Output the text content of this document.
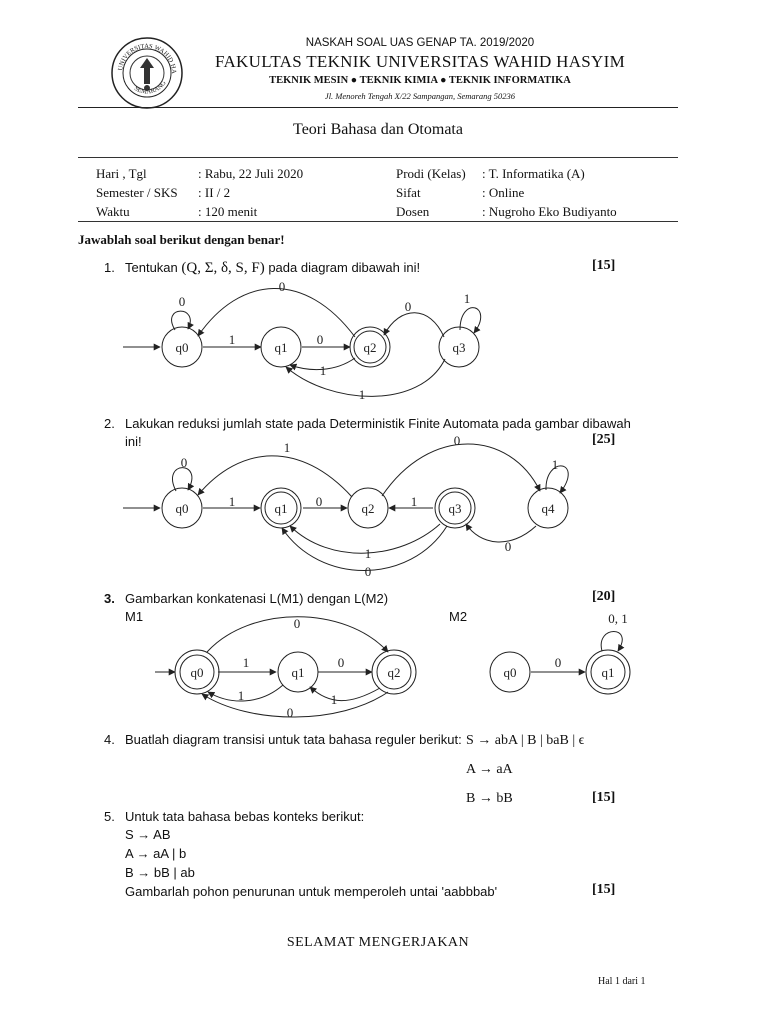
UNIVERSITAS WAHID HA
SEMARANG
NASKAH SOAL UAS GENAP TA. 2019/2020
FAKULTAS TEKNIK UNIVERSITAS WAHID HASYIM
TEKNIK MESIN ● TEKNIK KIMIA ● TEKNIK INFORMATIKA
Jl. Menoreh Tengah X/22 Sampangan, Semarang 50236
Teori Bahasa dan Otomata
Hari , Tgl	: Rabu, 22 Juli 2020	Prodi (Kelas)	: T. Informatika (A)
Semester / SKS	: II / 2	Sifat	: Online
Waktu	: 120 menit	Dosen	: Nugroho Eko Budiyanto
Jawablah soal berikut dengan benar!
1. Tentukan (Q, Σ, δ, S, F) pada diagram dibawah ini!	[15]
q0	q1	q2	q3
0
0
1	0
1
1
0
1
2. Lakukan reduksi jumlah state pada Deterministik Finite Automata pada gambar dibawah
ini!	[25]
q0	q1	q2	q3	q4
0
1
1	0	1
0
1
0
1
0
3. Gambarkan konkatenasi L(M1) dengan L(M2)	[20]
M1	M2
q0	q1	q2
0
1	0
1	1
0
q0	q1
0, 1
0
4. Buatlah diagram transisi untuk tata bahasa reguler berikut: S → abA | B | baB | ϵ
A → aA
B → bB	[15]
5. Untuk tata bahasa bebas konteks berikut:
S → AB
A → aA | b
B → bB | ab
Gambarlah pohon penurunan untuk memperoleh untai 'aabbbab'	[15]
SELAMAT MENGERJAKAN
Hal 1 dari 1
